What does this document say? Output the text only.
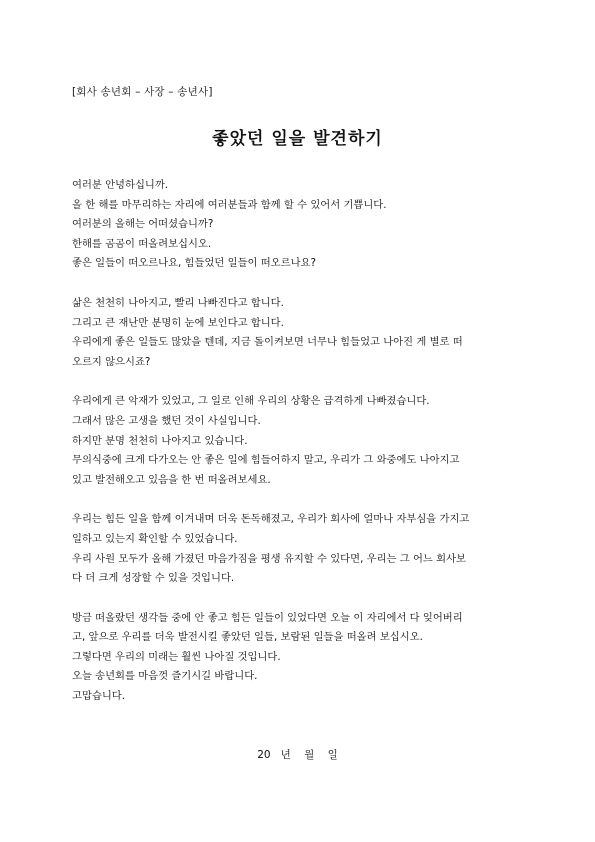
[회사 송년회 – 사장 – 송년사]
좋았던 일을 발견하기
여러분 안녕하십니까.
올 한 해를 마무리하는 자리에 여러분들과 함께 할 수 있어서 기쁩니다.
여러분의 올해는 어떠셨습니까?
한해를 곰곰이 떠올려보십시오.
좋은 일들이 떠오르나요, 힘들었던 일들이 떠오르나요?
삶은 천천히 나아지고, 빨리 나빠진다고 합니다.
그리고 큰 재난만 분명히 눈에 보인다고 합니다.
우리에게 좋은 일들도 많았을 텐데, 지금 돌이켜보면 너무나 힘들었고 나아진 게 별로 떠
오르지 않으시죠?
우리에게 큰 악재가 있었고, 그 일로 인해 우리의 상황은 급격하게 나빠졌습니다.
그래서 많은 고생을 했던 것이 사실입니다.
하지만 분명 천천히 나아지고 있습니다.
무의식중에 크게 다가오는 안 좋은 일에 힘들어하지 말고, 우리가 그 와중에도 나아지고
있고 발전해오고 있음을 한 번 떠올려보세요.
우리는 힘든 일을 함께 이겨내며 더욱 돈독해졌고, 우리가 회사에 얼마나 자부심을 가지고
일하고 있는지 확인할 수 있었습니다.
우리 사원 모두가 올해 가졌던 마음가짐을 평생 유지할 수 있다면, 우리는 그 어느 회사보
다 더 크게 성장할 수 있을 것입니다.
방금 떠올랐던 생각들 중에 안 좋고 힘든 일들이 있었다면 오늘 이 자리에서 다 잊어버리
고, 앞으로 우리를 더욱 발전시킬 좋았던 일들, 보람된 일들을 떠올려 보십시오.
그렇다면 우리의 미래는 훨씬 나아질 것입니다.
오늘 송년회를 마음껏 즐기시길 바랍니다.
고맙습니다.
20   년    월    일
